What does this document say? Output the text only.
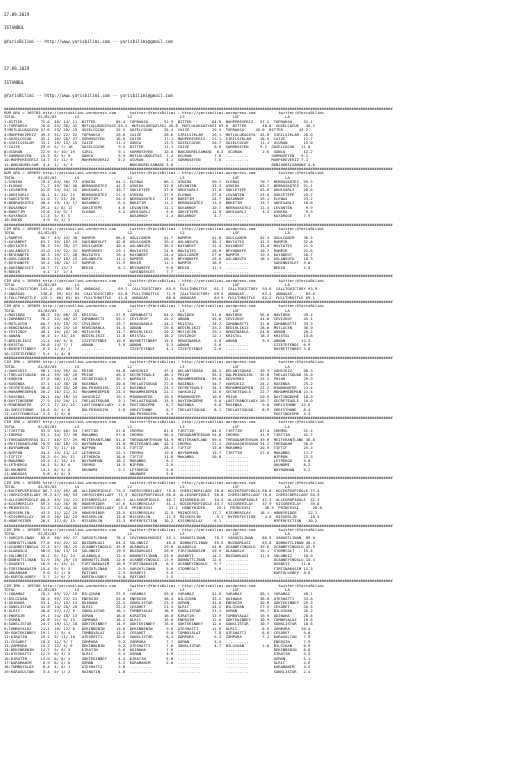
27.09.2019

ISTANBUL

@YarisBilimi -- http://www.yarisbilimi.com -- yarisbilimi@gmail.com

27.09.2019

ISTANBUL

@YarisBilimi -- http://www.yarisbilimi.com -- yarisbilimi@gmail.com

##########################################################################################################################################################################
KUM ARA = 169705 http://yarisbilimi.wordpress.com      twitter:@YarisBilimi : http://yarisbilimi.wordpress.com          twitter:@YarisBilimi
TOTAL          81/82/83        LS                     L2                     L3                     LSF                    LA
1:BITTER        72.0  46/ 14/ 11  BITTER         65.4  TOPRAKSU       52.9  BITTER         64.9  MAHPEREVERIZ   57.2  TOPRAKSU     52.1
2:TOPRAKSU      70.6  53/ 30/ 42  MUTLULUKGOZYASI 55.2  MUTLULUKGOZYASI 45.8  MUTLULUKGOZYASI 63.6  BITTER       48.8  GUZELCOCUK   46.2
3:MUTLULUKGOZYA 57.6  23/ 28/ 19  GUZELCOCUK     32.5  GUZELCOCUK     35.4  CAIZE          29.5  TOPRAKSU     45.0  BITTER       43.2
4:MAHPEREVERIZ  49.3  31/ 22/ 22  TOPRAKSU       26.6  CAIZE          26.6  SIRILSIKLAM    26.1  MUTLULUKGOZYA  43.6  SIRILSIKLAM  26.0
5:GUZELCOCUK    42.2  16/ 20/ 37  SORMUSEYEN     16.0  CAIZE          17.1  MAHPEREVERIZ   21.1  SIRILSIKLAM    18.9  CAIZE        12.7
6:SIRILSIKLAM   33.1  15/ 15/ 25  CAIZE          11.1  GONCA          13.5  GUZELCOCUK     20.7  GUZELCOCUK     11.1  UCURAN       15.0
7:CAIZE         29.9  5/ 7/ 18    GUZELCOCUK      9.5  BITTER         11.1  CAIZE           8.8  SORMUSEYEN     9.2  GUZELCOCUK   11.0
8:UCURAN        22.9  6/ 10/ 19   SIRIL           9.1  SORMUSEYEN     10.0  BONJOURELSAMANI  8.3  UCURAN         2.6  GONCA        12.2
9:SORMUSEYEN    15.5  8/ 9/ 9     GONCA           5.9  MUTLULUKGOZYAS  7.4  UCURAN          7.6  ..........          SORMUSEYEN   9.1
10:MAHPEREVERIZ 14.7  5/ 11/ 9    MAHPEREVERIZ    5.2  UCURAN          4.1  SORMUSEYEN      7.6  ..........          MAHPEREVERIZ 7.3
11:BONJOURELSAM  4.4  1/  4/ 3    ...........          BONJOURELSAMANI 3.8  ..........           ..........          BONJOURELSAMANI 4.6
##########################################################################################################################################################################
KUM ARA = 169692 http://yarisbilimi.wordpress.com      twitter:@YarisBilimi : http://yarisbilimi.wordpress.com          twitter:@YarisBilimi
TOTAL          81/82/83        LS                     L2                     L3                     LSF                    LA
1:AYNIRA        79.4  63/ 38/ 77  AYNIRA         64.1  ELENAS         66.1  AYNIRA         59.1  ELENAS         70.7  NEBRASKOTEZ  59.5
2:ELENAS        71.7  45/ 38/ 36  NEBRASKOTEZ    41.3  AYNIRA         52.0  LEVANTEN       33.3  AYNIRA         63.7  NEBRASKOTEZ  51.1
3:LEVANTEN      52.8  24/ 34/ 15  AKHISARLI      49.7  GOKCETEPE      37.6  AKHISARLI      27.6  GOKCETEPE      43.8  AKHISARLI    28.6
4:AKHISARLI     38.1  4/ 34/ 22   NEBRASKOTEZ    21.5  AYNIRA         27.5  ELENAS         27.0  LEVANTEN       23.0  GOKCETEPE    25.7
5:GOKCETEPE     41.0  7/ 21/ 20   BOKETIM        20.3  NEBRASKOTEZ    17.0  BOKETIM        24.7  BASARNOY       19.1  ELENAS       23.2
6:NEBRASKOTEZ   40.4  19/ 14/ 17  BASARNOY        6.4  BOKETIM        11.2  NEBRASKOTEZ    13.5  BOKETIM        15.7  AKHISARLI    16.8
7:BASARNOY      29.2  5/ 8/ 17    GOKCETEPE       4.6  LEVANTEN       11.1  BASARNOY       10.7  NEBRASKOTEZ    11.4  LEVANTEN      9.9
8:BOKETIM       25.6  14/ 9/ 7    ELENAS          3.2  AKHISARLI       5.6  GOKCETEPE      11.8  AKHISARLI       3.2  AYNIRA        9.3
9:KAYAROGE      11.4  3/ 5/ 5     ..........           BASARNOY        2.4  BASARNOY        4.7  ..........           KAYAROGE     7.9
10:RAKKO         4.9  0/ 3/ 2     ..........           ..........           ..........           ..........           ..........
##########################################################################################################################################################################
CIM ARA = 169693 http://yarisbilimi.wordpress.com      twitter:@YarisBilimi : http://yarisbilimi.wordpress.com          twitter:@YarisBilimi
TOTAL          81/82/83        LS                     L2                     L3                     LSF                    LA
1:RAMPIR        86.7  43/ 43/ 38  RAMPIR         68.5  OGULCANIM      51.7  RAMPIR         51.8  OGULCANIM      52.3  OGULCANIM    36.5
2:KAYABEKT      63.7  39/ 15/ 19  SAHINDEVLET    42.8  OGULCANIM      39.4  ASLANSUTU      36.1  MAVIATES       41.3  RAMPIR       32.8
3:MAVIATES      58.5  25/ 30/ 37  OGULCANIM      40.4  ASLANSUTU      38.5  KAYABEKT       31.4  KAYABEKT       33.0  MAVIATES     21.9
4:ASLANSUTU     47.0  14/ 32/ 32  RAMPIRBEY      29.1  MAVIATES       24.8  MAVIATES       28.0  BEYHANEFE      10.7  RAMPIR       21.6
5:BEYHANEFE     40.3  16/ 27/ 28  MAVIATES       19.4  KAYABEKT       24.4  OGULCANIM      27.6  RAMPIR         19.3  KAYABEKT     20.7
6:OGULCANIM     38.5  21/ 15/ 19  ASLANSUTU      14.2  RAMPIR         20.5  BEYHANEFE      25.8  ASLANSUTU      18.3  ASLANSUTU    18.3
7:BEYHANEFE     35.4  16/ 20/ 17  RAMPIR         11.9  BEKIR          11.1  RAMPIR         18.9  ..........           SAHINDEVLET  9.6
8:SAHINDEVLET   16.7  7/ 13/ 7    BEKIR           8.1  BEYHANEFE       9.8  BEKIR          11.1  ..........           BEKIR        2.5
9:BEKIR          4.1  1/  2/ 4    ..........           SAHINDEVLET     7.7  ..........           ..........           ..........
##########################################################################################################################################################################
CIM ARA = 169694 http://yarisbilimi.wordpress.com      twitter:@YarisBilimi : http://yarisbilimi.wordpress.com          twitter:@YarisBilimi
TOTAL          81/82/83        LS                     L2                     L3                     LSF                    LA
1:CALLTOVICTORY 141.4  65/ 86/ 74  ANDAGAS        89.7  CALLTOVICTORY  83.9  FULLTHROTTLE   81.7  CALLTOVICTORY  93.6  CALLTOVICTORY 93.9
2:ANDAGAS       130.6  59/ 63/ 64  CALLTOVICTORY  62.8  FULLTHROTTLE   71.9  CALLTOVICTORY  69.5  ANDAGAS        83.3  ANDAGAS      83.0
3:FULLTHROTTLE  129.1  60/ 63/ 64  FULLTHROTTLE   41.8  ANDAGAS        66.8  ANDAGAS        64.9  FULLTHROTTLE   82.2  FULLTHROTTLE 69.1
##########################################################################################################################################################################
CIM ARA = 169695 http://yarisbilimi.wordpress.com      twitter:@YarisBilimi : http://yarisbilimi.wordpress.com          twitter:@YarisBilimi
TOTAL          81/82/83        LS                     L2                     L3                     LSF                    LA
1:MAVIDEN       88.5  33/ 66/ 33  KRISTAL        57.9  ZAMANHATTI     64.2  MAVIDEN        51.0  MAVIDEN        56.0  MAVIDEN      49.4
2:ZAMANHATTI    76.2  22/ 48/ 47  ZAMANHATTI     53.2  CEVIZKOY       42.2  ADNAN          45.6  CEVIZKOY       41.6  CEVIZKOY     45.1
3:MUTLUCEN      60.7  43/ 15/ 25  CEVIZKOY       43.7  RENGINARLA     34.1  KRISTAL        34.2  ZAMANHATTI     31.8  ZAMANHATTI   33.3
4:RENGINARLA    49.4  26/ 25/ 16  RENGINARLA     34.5  ADNAN          29.8  BEDIRLIKIZ     33.2  BEDIRLIKIZ     28.6  MUTLUCEN     30.0
5:CEVIZKOY      46.1  16/ 19/ 20  MUTLUCEN       14.7  BEDIRLIKIZ     20.2  MUTLUCEN       29.1  RENGINARLA     24.6  ADNAN        20.2
6:ADNAN         36.5  1/ 33/ 16   BEDIRLIKIZ     11.8  KRISTAL        18.2  CEVIZKOY       12.1  KRISTAL        18.3  KRISTAL      14.8
7:BEDIRLIKIZ    21.4  16/ 5/ 8    IZZETEFENDI    10.0  BUSRETTINBEY   15.6  RENGINARLA      5.8  ADNAN           9.3  ADNAN       12.3
8:KRISTAL       20.8  14/ 7/ 7    ADNAN           3.9  ADNAN           5.3  ADNAN           5.6  ..........           IZZETEFENDI  6.9
9:BUSRETTINBEY   8.3  1/ 6/ 1     ..........           IZZETEFENDI     4.1  IZZETEFENDI     2.6  ..........           BUSRETTINBEY 3.6
10:IZZETEFENDI   5.4  1/ 4/ 0     ..........           ..........           ..........           ..........           ..........
##########################################################################################################################################################################
CIM IMO = 169696 http://yarisbilimi.wordpress.com      twitter:@YarisBilimi : http://yarisbilimi.wordpress.com          twitter:@YarisBilimi
TOTAL          81/82/83        LS                     L2                     L3                     LSF                    LA
1:VAHSIKIZ      98.1  54/ 39/ 42  PRIOR          54.8  VAHSIKIZ       47.4  DELANTSQUAD    58.5  DELANTSQUAD    49.3  VAHSIKIZ     40.3
2:THELASTSQUAD  60.4  39/ 26/ 20  PRIOR          49.3  SECRETEAGLE    46.1  PRIOR          55.3  DOLPHINSGIRL   35.8  THELASTSQUAD 35.0
3:KUKKIN        57.6  38/ 17/ 10  SECRETEAGLE    42.1  NARRATE        32.1  MUHAMMEDEMIN   55.0  DEVRIMEX       25.2  PRIOR        29.9
4:RASENDA       47.1  14/ 38/ 28  RASENDA        30.0  THELASTSQUAD   27.8  RASENDA        34.7  VAHSIKIZ       24.2  RASENDA      25.2
5:SECRETEAGLE   38.8  18/ 35/ 26  DOLPHINSGIRL   27.3  RASENDA        24.1  SECRETEAGLE    34.3  MUHAMMEDEMIN   23.2  MINDHUNTER   23.4
6:MUHAMMEDEMIN  28.2  10/ 11/ 31  MUHAMMEDEMIN   23.5  MUHAMMEDEMIN   21.1  VAHSIKIZ       15.0  SECRETEAGLE    22.7  MUHAMMEDEMIN 21.4
7:RASENDA       28.1  10/ 18/ 15  VAHSIKIZ       19.1  MINDHUNTER     19.5  MINDHUNTER     10.0  PRIOR          20.9  DAYTINGDEME  18.9
8:DAYTINGDEME   27.9  15/ 20/ 11  THELASTSQUAD    9.1  THELASTSQUAD   15.5  DAYTINGDEME     9.0  LASTCHANCELADY 20.7  SECRETEAGLE  16.0
9:MINDHUNTER    27.3  7/ 15/ 22   LASTCHANCELADY  2.6  PASTINDIEME     8.7  RASENDA         8.6  RASENDA         9.0  SHRISTHONE  12.6
10:SHRISTHONE   10.6  6/ 4/ 6     DOLPHINSGIRL    2.6  SHRISTHONE      8.7  THELASTSQUAD    8.1  THELASTSQUAD    8.9  SHRISTHONE   8.4
11:LASTCHANCELA  3.3  1/ 0/ 0     ..........           DOLPHINSGIRL    5.4  ..........           ..........           PASTINDIEME  4.3
##########################################################################################################################################################################
CIM IMO = 169697 http://yarisbilimi.wordpress.com      twitter:@YarisBilimi : http://yarisbilimi.wordpress.com          twitter:@YarisBilimi
TOTAL          81/82/83        LS                     L2                     L3                     LSF                    LA
1:TIRTTIN       93.9  55/ 40/ 54  TIRTTIN        57.6  IREMSU         61.6  TIRTTIN        64.5  TIRTTIN        87.4  IREMSU       52.4
2:IREMSU        93.2  34/ 37/ 38  MAKAMBO        57.6  IREMSU         56.4  THEDADAMTERSUN 54.8  IREMSU         41.9  TIRTTIN      42.7
3:THEDADAMTERSU 81.7  40/ 37/ 29  MEITERANTLANE  51.6  THEDADAMTERSUN 54.9  MEITERANTLANE  59.4  THEDADAMTERSUN 39.0  MEITERANTLANE 36.8
4:MEITERANTLANE 70.9  18/ 18/ 23  BAYRAMHAN      43.8  MEITERANTLANE  43.3  IREMSU         27.2  ZERAGASHTERSUN 34.2  THEDADAM     36.6
5:BAYRAMHAN     52.7  9/ 11/ 10   NIPPON         33.3  TIFTIF         28.3  TIFTIF         15.0  MAKAMBO        20.9  TIFTIF       25.3
6:NIPPON        34.4  14/ 13/ 13  LETHERGO       25.1  IREMSU         19.6  BAYRAMHAN      13.7  TIRTTIN        27.0  MAKAMBO      17.7
7:TIFTIF        28.5  6/ 10/ 11   LETHERGO       18.6  TIFTIF         11.8  MAKAMBO        20.0  ..........           NIPPON       22.3
8:MAKAMBO       25.4  4/ 15/ 14   BAYRAMHAN      18.2  MAKAMBO         8.2  ..........           ..........           LETHERGO     9.6
9:LETHERGO      16.1  5/ 8/ 6     IREMSU         14.5  NIPPON          2.6  ..........           ..........           OKUNOMI      8.2
10:OKUNOMI      14.1  8/ 3/ 6     OKUNOMI         9.2  LETHERGO        5.6  ..........           ..........           BAYRAMHAN    5.2
11:ANDAGAS       9.8  4/ 0/ 2     ..........           OKUNOMI         5.6  ..........           ..........           ..........
##########################################################################################################################################################################
CIM IMO = 169698 http://yarisbilimi.wordpress.com      twitter:@YarisBilimi : http://yarisbilimi.wordpress.com          twitter:@YarisBilimi
TOTAL          81/82/83        LS                     L2                     L3                     LSF                    LA
1:KOCEKPUSPIDGLE 86.7 53/ 49/ 48  ALLEGROPIDGLE  73.3  CHERICHERILADY  75.0  CHERICHERILADY 76.0  KOCEKPUSPIDGLE 80.0  KOCEKPUSPIDGLE 77.4
2:CHERICHERILADY 76.2 47/ 40/ 53  CHERICHERILADY  71.5  KOCEKPUSPIDGLE 66.0  ALLEGROPIDGLE  56.8  CHERICHERILADY 70.6  CHERICHERILADY 64.9
3:ALLEGROPIDGLE 60.5  45/ 24/ 21  KISSMERILAY    60.1  ALLEGROPIDGLE   46.7  KISSMERILAY    34.5  ALLEGROPIDGLE  42.3  ALLEGROPIDGLE  42.3
4:KISSMERILAY   59.3  34/ 36/ 36  HONEYRIDER     47.6  KISSMERILAY     31.1  KOCEKPUSPIDGLE 33.7  KISSMERILAY    37.9  KISSMERILAY    39.8
5:PRINCESSI     51.3  22/ 28/ 42  CHERICHERILADY  25.6  PRINCESSI       31.1  HONEYRIDER     29.1  PRINCESSI      36.5  PRINCESSI      26.8
6:MISSERLIN     43.3  11/ 22/ 19  HONEYRIDER     15.5  KISSMERILAY    12.9  PRINCESSI      17.7  KISSMERILAY    18.1  HONEYRIDER     22.1
7:KISSMERILAY   39.9  26/ 10/ 23  MISSERLIN      13.0  MISSERLIN       11.3  MISSERLIN       9.1  MYPERFECTION    4.6  MISSERLIN      18.5
8:HONEYRIDER    26.5  11/ 8/ 13   MISSERLIN      13.3  MYPERFECTION   10.2  KISSMERILAY     6.1  ..........           MYPERFECTION   10.2
##########################################################################################################################################################################
CIM IMO = 169699 http://yarisbilimi.wordpress.com      twitter:@YarisBilimi : http://yarisbilimi.wordpress.com          twitter:@YarisBilimi
TOTAL          81/82/83        LS                     L2                     L3                     LSF                    LA
1:SARGUTLINAN   89.6  58/ 49/ 57  SARGUTLINAN    78.4  CEVIKNOLENDIDI  55.1  SARGUTLINAN    70.7  SARGUTLINAN    86.9  SARGUTLINAN  89.0
2:DONHATTLINAN  77.0  53/ 32/ 32  BUZDAMLASI     64.4  SULUNKIZ        46.0  DONHATTLINAN   55.5  BUZDAMLASI     63.8  DONHATTLINAN 40.4
3:UCANBEYINOGLU 72.4  57/ 36/ 25  UCANBEYINOGLU  45.6  ALABAGLU       29.8  ALABAGLU       44.8  UCANBEYINOGLU  39.6  UCANBEYINOGLU 32.9
4:ALABAGLU      50.9  30/ 13/ 14  SULUNKIZ       19.5  BUZDAMLASI     26.6  FIRTINAKASIM   25.9  ALABAGLU       15.1  STORMCOLT    19.4
5:SULUNKIZ      36.1  6/ 31/ 24   ALABAGLU       12.4  DONHATTLINAN   23.6  OVABEYI        14.2  BUZDAMLASI     11.4  SULUNKIZ     18.0
6:DONHATTLINAN  31.9  16/ 29/ 15  DONHATTLINAN   12.6  UCANBEYINOGLU  17.9  DONHATTLINAN   12.5  ..........           UCANBEYINOGLU 15.4
7:OVABEYI       16.9  4/ 15/ 11   FIRTINAKASIM   10.9  FIRTINAKASIM    8.5  UCANBEYINOGLU   9.7  ..........           OVABEYI     11.6
8:FIRTINAKASIM  15.4  9/ 9/ 3     SARGUTLINAN     9.3  SARGUTLINAN     5.6  STORMCOLT       5.6  ..........           FIRTINAKASIM 11.3
9:ARKANSAN       9.0  5/ 1/ 8     PATTANI         2.5  OVABEYI         5.5  ..........           ..........           KURTULUSBEY  8.6
10:KURTULUSBEY   3.7  2/ 0/ 2     KURTULUSBEY     0.0  PATTANI         2.5  ..........           ..........           ..........
##########################################################################################################################################################################
CIM IMO = 169700 http://yarisbilimi.wordpress.com      twitter:@YarisBilimi : http://yarisbilimi.wordpress.com          twitter:@YarisBilimi
TOTAL          81/82/83        LS                     L2                     L3                     LSF                    LA
1:YARAMAZ       70.2  49/ 22/ 19  BILGIHAN       37.9  YARAMAZ        55.0  YARAMAZ        51.8  YARAMAZ        50.1  YARAMAZ      48.1
2:BILGIHAN      58.5  53/ 23/ 21  ENERGIN        25.0  ENERGIN        38.4  BILGIHAN       43.2  QUINAHA        38.0  ATESHATTI    33.8
3:QUINAHA       53.1  31/ 13/ 13  QUINAHA        23.5  SANSLISTAR     23.5  OSMAN          31.0  ENERGIN        30.6  GOKTEKINBEY  29.3
4:SANSLISTAR    41.8  14/ 20/ 20  OLRIC          22.3  CESARET        21.5  OLRIC          24.2  BILGIHAN       27.5  CESARET      26.5
5:OLRIC         30.8  27/ 17/ 9   SANSLISTAR     18.1  TUMBUYALAZ     18.9  SANSLISTAR     21.1  OSMAN          26.7  BILGIHAN     26.2
6:ENERGIN       29.1  24/ 18/ 13  OSMAN          18.0  KIRATIN        16.0  KIRATIN        12.9  TUMBUYALAZ     19.9  QUINAHA      20.6
7:OSMAN         26.8  21/ 9/ 15   ZAMPARA        16.2  OLRIC          16.0  ENERGIN        12.6  GOKTEKINBEY    10.9  TUMBUYALAZ   19.5
8:SANSLISTAR    24.7  19/ 11/ 10  GOKTEKINBEY    14.9  GOKTEKINBEY    15.0  GOKTEKINBEY    12.6  SANSLISTAR     10.7  SANSLISTAR   10.6
9:TUMBUYALAZ    21.1  16/ 12/ 8   DEKINBENIN     13.6  DEKINBENIN      9.8  ATESHATTI      11.6  OLRIC           8.9  ZAMPARA     10.4
10:GOKTEKINBEY  19.7  7/ 9/ 4     TUMBUYALAZ     13.5  CESARET         9.8  TUMBUYALAZ      7.8  ATESHATTI       8.6  CESARET      9.6
11:KIRATIN      19.2  9/ 11/ 10   ATESHATTI      10.6  SANSLISTAR      8.4  ZAMPARA         5.3  ZAMPARA         7.1  KARASULTAN   7.9
12:CESARET      18.3  11/ 3/ 7    ZAMPARA         9.2  ZAMPARA         7.7  OSMAN           5.5  ..........           ENERGIN      7.9
13:ZAMPARA      15.2  12/ 4/ 6    DEKINBENIN      9.2  ATESHATTI       7.6  SANSLISTAR      4.7  BILGIHAN        2.6  BILGIHAN     6.9
14:DEKINBENIN   14.7  9/ 6/ 3     KIRATIN         6.6  QUINAHA         7.6  ..........           ..........           DEKINBENIN   6.6
15:ATESHATTI    12.9  6/ 5/ 2     OLRIC           6.4  OSMAN           5.9  ..........           ..........           KIRATIN      5.5
16:KIRATIN      12.0  8/ 0/ 2     GOKTEKINBEY     4.4  KIRATIN         5.0  ..........           ..........           OSMAN        5.1
17:KARAMANIM     8.9  8/ 2/ 6     OSMAN           3.2  KARAMANIM       2.8  ..........           ..........           OLRIC        4.6
18:TUMBUYALAZ    8.4  4/ 0/ 1     ATESHATTI       2.6  ..........           ..........           ..........           KARAMANIM    4.2
19:KARASULTAN    3.4  0/ 1/ 2     RAINATIN        1.8  ..........           ..........           ..........           SANSLISTAR   2.4
